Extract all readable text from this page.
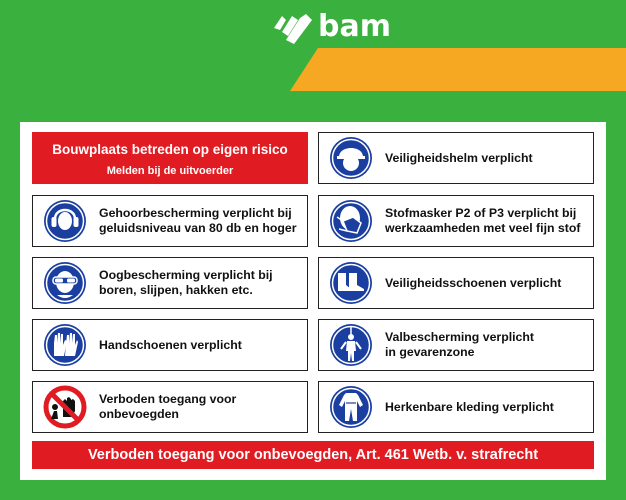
bam
Bouwplaats betreden op eigen risico
Melden bij de uitvoerder
Gehoorbescherming verplicht bij
geluidsniveau van 80 db en hoger
Oogbescherming verplicht bij
boren, slijpen, hakken etc.
Handschoenen verplicht
Verboden toegang voor
onbevoegden
Veiligheidshelm verplicht
Stofmasker P2 of P3 verplicht bij
werkzaamheden met veel fijn stof
Veiligheidsschoenen verplicht
Valbescherming verplicht
in gevarenzone
Herkenbare kleding verplicht
Verboden toegang voor onbevoegden, Art. 461 Wetb. v. strafrecht
